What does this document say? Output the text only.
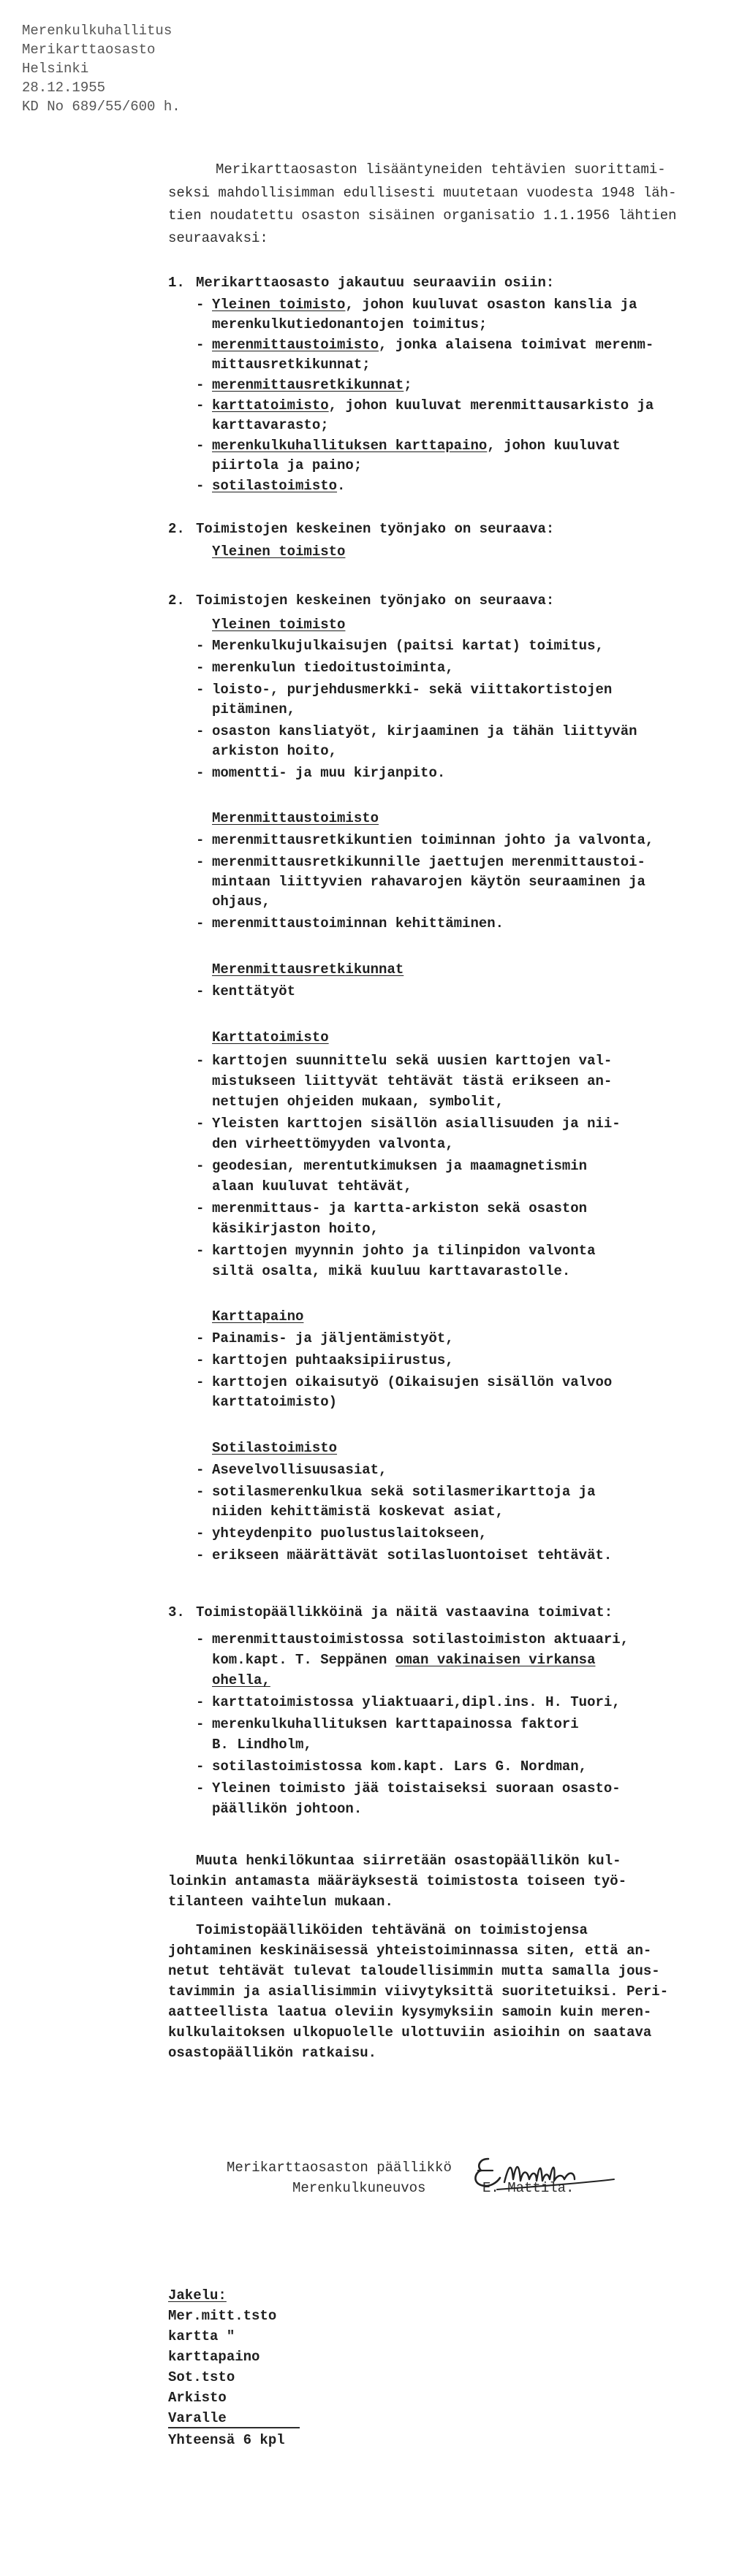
Merenkulkuhallitus
Merikarttaosasto
Helsinki
28.12.1955
KD No 689/55/600 h.
Merikarttaosaston lisääntyneiden tehtävien suorittami-
seksi mahdollisimman edullisesti muutetaan vuodesta 1948 läh-
tien noudatettu osaston sisäinen organisatio 1.1.1956 lähtien
seuraavaksi:
1. Merikarttaosasto jakautuu seuraaviin osiin:
- Yleinen toimisto, johon kuuluvat osaston kanslia ja
merenkulkutiedonantojen toimitus;
- merenmittaustoimisto, jonka alaisena toimivat merenm-
mittausretkikunnat;
- merenmittausretkikunnat;
- karttatoimisto, johon kuuluvat merenmittausarkisto ja
karttavarasto;
- merenkulkuhallituksen karttapaino, johon kuuluvat
piirtola ja paino;
- sotilastoimisto.
2. Toimistojen keskeinen työnjako on seuraava:
Yleinen toimisto
2. Toimistojen keskeinen työnjako on seuraava:
Yleinen toimisto
- Merenkulkujulkaisujen (paitsi kartat) toimitus,
- merenkulun tiedoitustoiminta,
- loisto-, purjehdusmerkki- sekä viittakortistojen
pitäminen,
- osaston kansliatyöt, kirjaaminen ja tähän liittyvän
arkiston hoito,
- momentti- ja muu kirjanpito.
Merenmittaustoimisto
- merenmittausretkikuntien toiminnan johto ja valvonta,
- merenmittausretkikunnille jaettujen merenmittaustoi-
mintaan liittyvien rahavarojen käytön seuraaminen ja
ohjaus,
- merenmittaustoiminnan kehittäminen.
Merenmittausretkikunnat
- kenttätyöt
Karttatoimisto
- karttojen suunnittelu sekä uusien karttojen val-
mistukseen liittyvät tehtävät tästä erikseen an-
nettujen ohjeiden mukaan, symbolit,
- Yleisten karttojen sisällön asiallisuuden ja nii-
den virheettömyyden valvonta,
- geodesian, merentutkimuksen ja maamagnetismin
alaan kuuluvat tehtävät,
- merenmittaus- ja kartta-arkiston sekä osaston
käsikirjaston hoito,
- karttojen myynnin johto ja tilinpidon valvonta
siltä osalta, mikä kuuluu karttavarastolle.
Karttapaino
- Painamis- ja jäljentämistyöt,
- karttojen puhtaaksipiirustus,
- karttojen oikaisutyö (Oikaisujen sisällön valvoo
karttatoimisto)
Sotilastoimisto
- Asevelvollisuusasiat,
- sotilasmerenkulkua sekä sotilasmerikarttoja ja
niiden kehittämistä koskevat asiat,
- yhteydenpito puolustuslaitokseen,
- erikseen määrättävät sotilasluontoiset tehtävät.
3. Toimistopäällikköinä ja näitä vastaavina toimivat:
- merenmittaustoimistossa sotilastoimiston aktuaari,
kom.kapt. T. Seppänen oman vakinaisen virkansa
ohella,
- karttatoimistossa yliaktuaari,dipl.ins. H. Tuori,
- merenkulkuhallituksen karttapainossa faktori
B. Lindholm,
- sotilastoimistossa kom.kapt. Lars G. Nordman,
- Yleinen toimisto jää toistaiseksi suoraan osasto-
päällikön johtoon.
Muuta henkilökuntaa siirretään osastopäällikön kul-
loinkin antamasta määräyksestä toimistosta toiseen työ-
tilanteen vaihtelun mukaan.
Toimistopäälliköiden tehtävänä on toimistojensa
johtaminen keskinäisessä yhteistoiminnassa siten, että an-
netut tehtävät tulevat taloudellisimmin mutta samalla jous-
tavimmin ja asiallisimmin viivytyksittä suoritetuiksi. Peri-
aatteellista laatua oleviin kysymyksiin samoin kuin meren-
kulkulaitoksen ulkopuolelle ulottuviin asioihin on saatava
osastopäällikön ratkaisu.
Merikarttaosaston päällikkö
Merenkulkuneuvos	E. Mattila.
Jakelu:
Mer.mitt.tsto
kartta "
karttapaino
Sot.tsto
Arkisto
Varalle
Yhteensä 6 kpl
